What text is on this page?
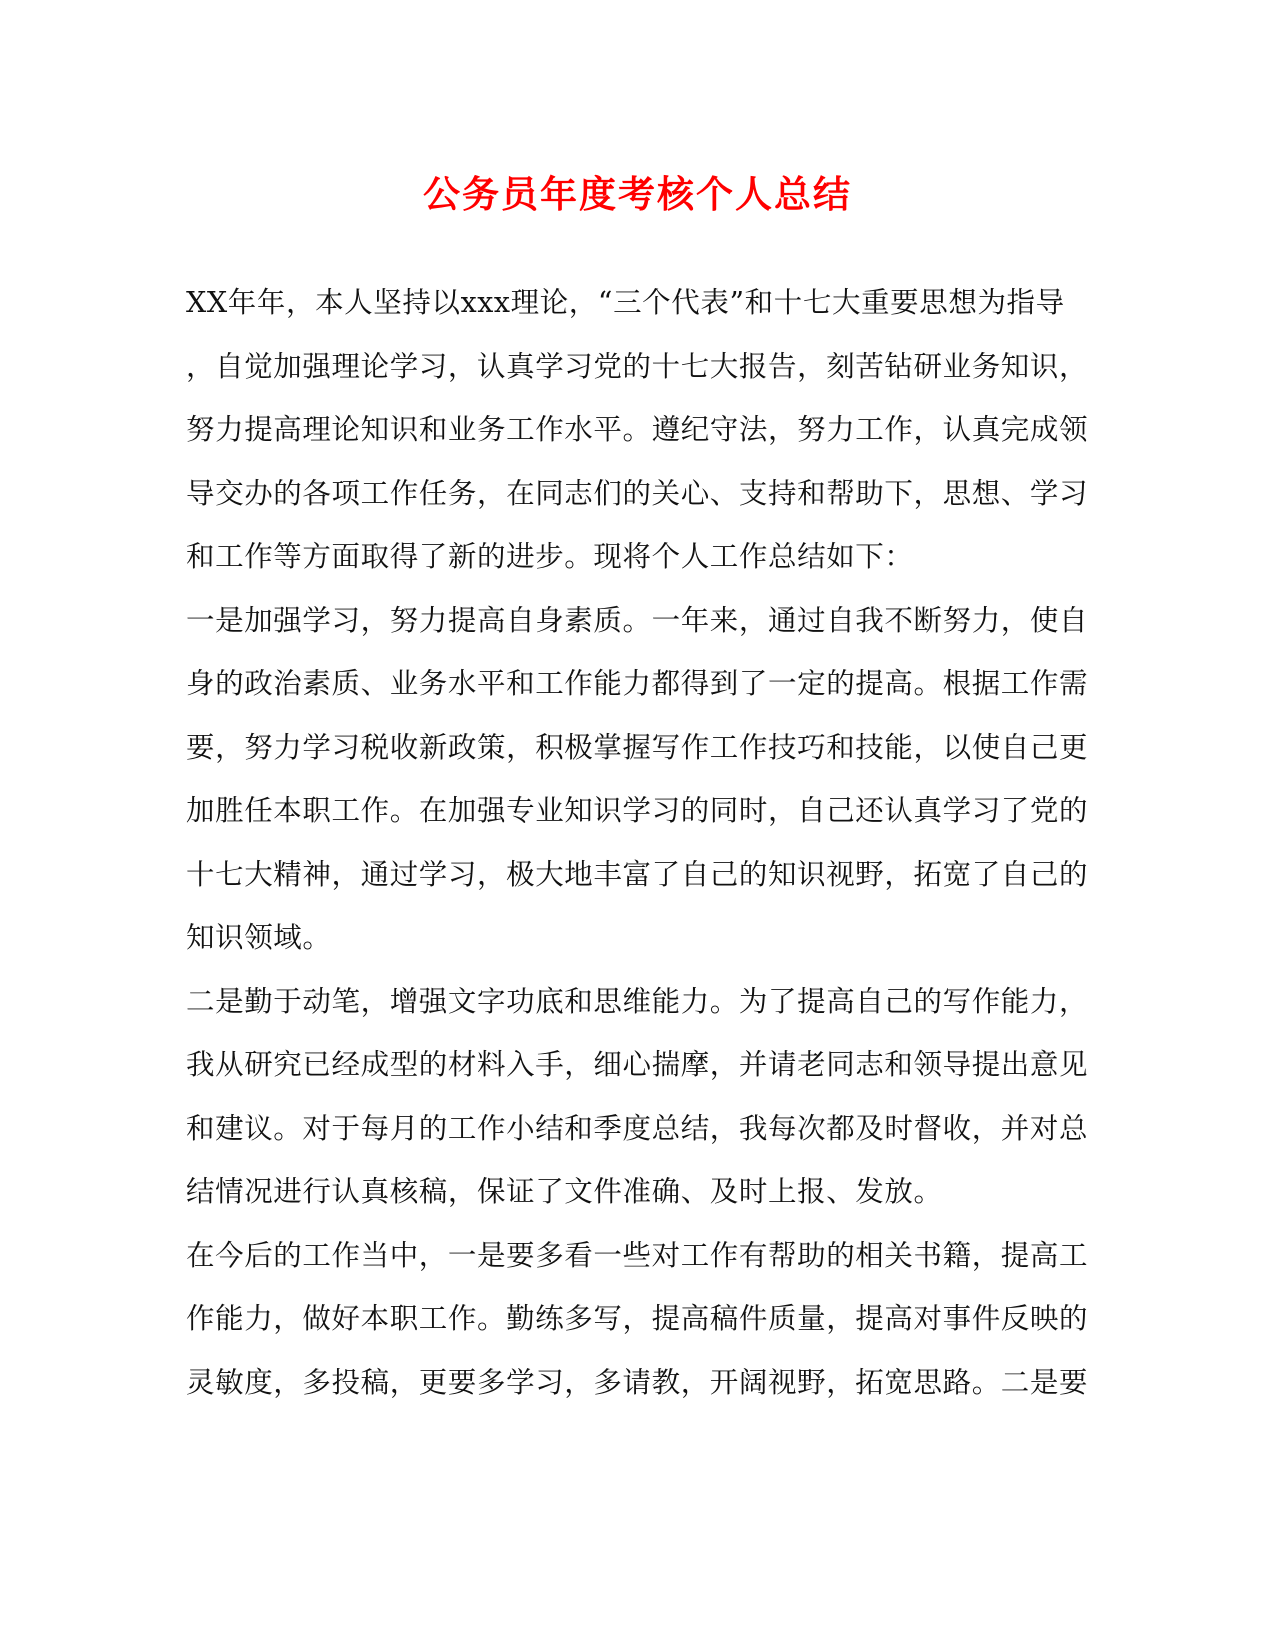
公务员年度考核个人总结
XX年年，本人坚持以xxx理论，“三个代表”和十七大重要思想为指导
，自觉加强理论学习，认真学习党的十七大报告，刻苦钻研业务知识，
努力提高理论知识和业务工作水平。遵纪守法，努力工作，认真完成领
导交办的各项工作任务，在同志们的关心、支持和帮助下，思想、学习
和工作等方面取得了新的进步。现将个人工作总结如下：
一是加强学习，努力提高自身素质。一年来，通过自我不断努力，使自
身的政治素质、业务水平和工作能力都得到了一定的提高。根据工作需
要，努力学习税收新政策，积极掌握写作工作技巧和技能，以使自己更
加胜任本职工作。在加强专业知识学习的同时，自己还认真学习了党的
十七大精神，通过学习，极大地丰富了自己的知识视野，拓宽了自己的
知识领域。
二是勤于动笔，增强文字功底和思维能力。为了提高自己的写作能力，
我从研究已经成型的材料入手，细心揣摩，并请老同志和领导提出意见
和建议。对于每月的工作小结和季度总结，我每次都及时督收，并对总
结情况进行认真核稿，保证了文件准确、及时上报、发放。
在今后的工作当中，一是要多看一些对工作有帮助的相关书籍，提高工
作能力，做好本职工作。勤练多写，提高稿件质量，提高对事件反映的
灵敏度，多投稿，更要多学习，多请教，开阔视野，拓宽思路。二是要
